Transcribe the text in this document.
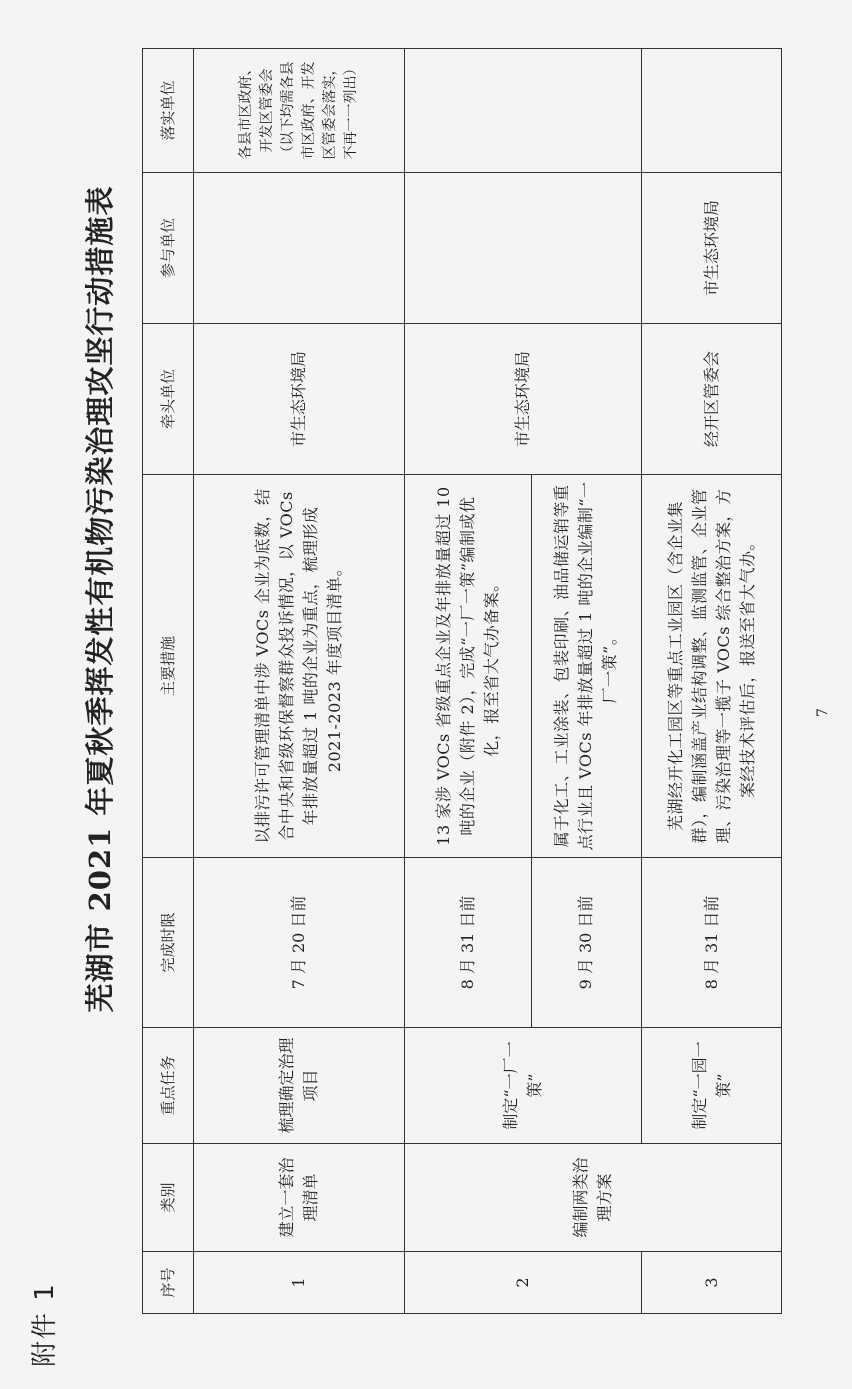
附件 1
芜湖市 2021 年夏秋季挥发性有机物污染治理攻坚行动措施表
序号	类别	重点任务	完成时限	主要措施	牵头单位	参与单位	落实单位
1	建立一套治理清单	梳理确定治理项目	7 月 20 日前	以排污许可管理清单中涉 VOCs 企业为底数，结合中央和省级环保督察群众投诉情况，以 VOCs 年排放量超过 1 吨的企业为重点，梳理形成 2021-2023 年度项目清单。	市生态环境局		各县市区政府、开发区管委会（以下均需各县市区政府、开发区管委会落实，不再一一列出）
2	编制两类治理方案	制定“一厂一策”	8 月 31 日前	13 家涉 VOCs 省级重点企业及年排放量超过 10 吨的企业（附件 2），完成“一厂一策”编制或优化，报至省大气办备案。	市生态环境局		
			9 月 30 日前	属于化工、工业涂装、包装印刷、油品储运销等重点行业且 VOCs 年排放量超过 1 吨的企业编制“一厂一策”。			
3		制定“一园一策”	8 月 31 日前	芜湖经开化工园区等重点工业园区（含企业集群），编制涵盖产业结构调整、监测监管、企业管理、污染治理等一揽子 VOCs 综合整治方案，方案经技术评估后，报送至省大气办。	经开区管委会	市生态环境局	
7
